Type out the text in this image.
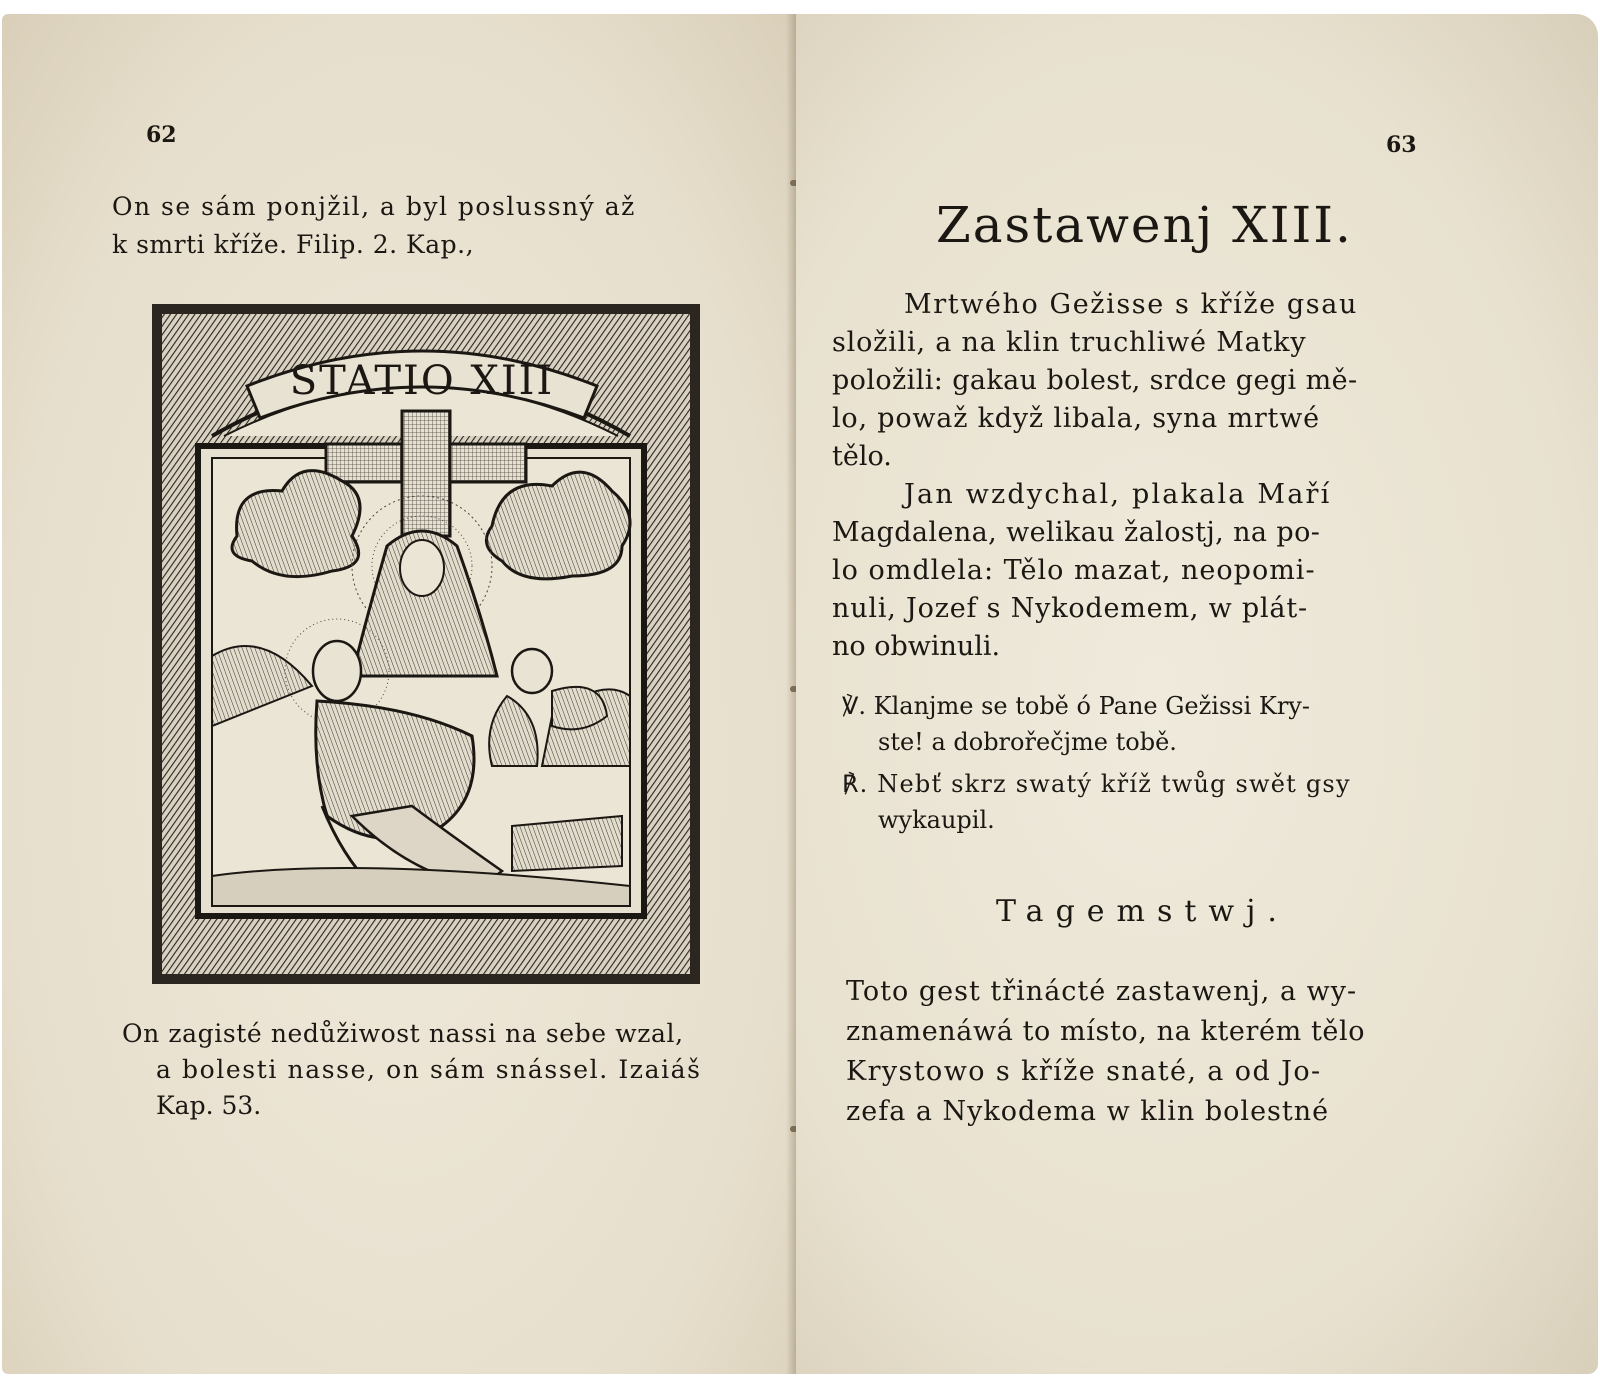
62
On se sám ponjžil, a byl poslussný až
k smrti kříže. Filip. 2. Kap.,
STATIO XIII
On zagisté nedůžiwost nassi na sebe wzal,
a bolesti nasse, on sám snássel. Izaiáš
Kap. 53.
63
Zastawenj XIII.
Mrtwého Gežisse s kříže gsau
složili, a na klin truchliwé Matky
položili: gakau bolest, srdce gegi mě-
lo, powaž když libala, syna mrtwé
tělo.
Jan wzdychal, plakala Maří
Magdalena, welikau žalostj, na po-
lo omdlela: Tělo mazat, neopomi-
nuli, Jozef s Nykodemem, w plát-
no obwinuli.
℣. Klanjme se tobě ó Pane Gežissi Kry-
ste! a dobrořečjme tobě.
℟. Nebť skrz swatý kříž twůg swět gsy
wykaupil.
Tagemstwj.
Toto gest třinácté zastawenj, a wy-
znamenáwá to místo, na kterém tělo
Krystowo s kříže snaté, a od Jo-
zefa a Nykodema w klin bolestné
